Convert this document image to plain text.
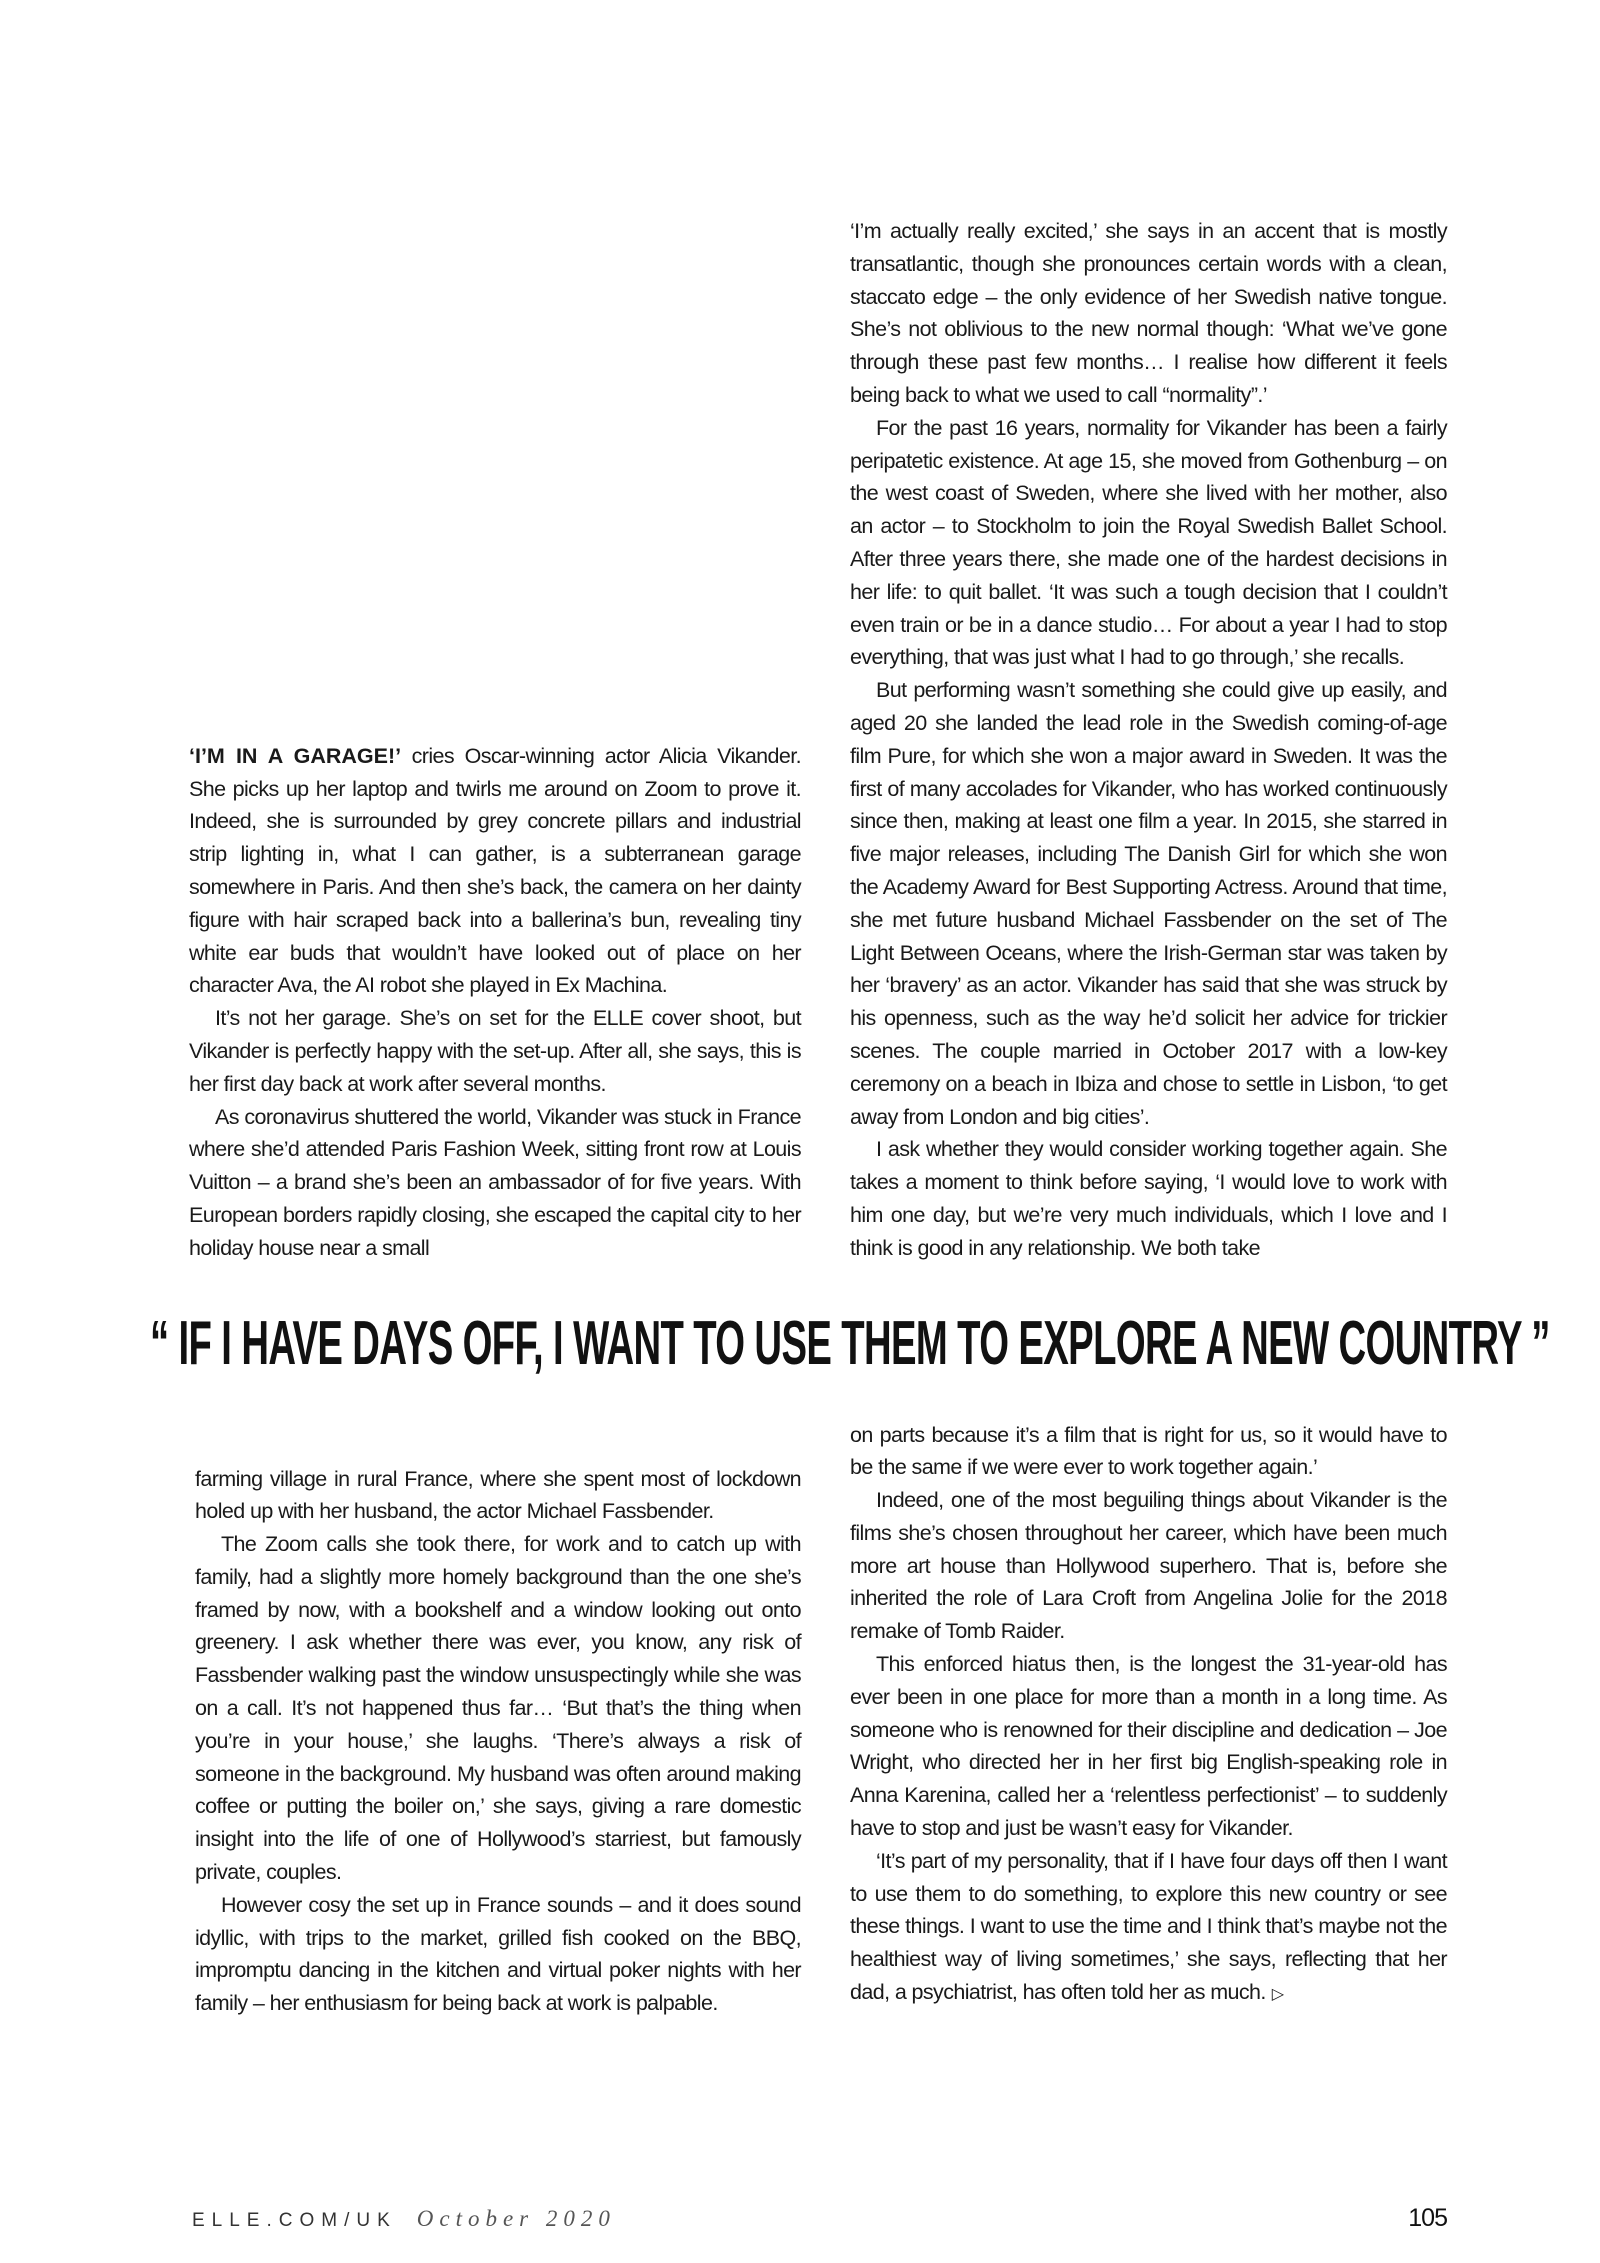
‘I’M IN A GARAGE!’ cries Oscar-winning actor Alicia Vikander. She picks up her laptop and twirls me around on Zoom to prove it. Indeed, she is surrounded by grey concrete pillars and industrial strip lighting in, what I can gather, is a subterranean garage somewhere in Paris. And then she’s back, the camera on her dainty figure with hair scraped back into a ballerina’s bun, revealing tiny white ear buds that wouldn’t have looked out of place on her character Ava, the AI robot she played in Ex Machina.

It’s not her garage. She’s on set for the ELLE cover shoot, but Vikander is perfectly happy with the set-up. After all, she says, this is her first day back at work after several months.

As coronavirus shuttered the world, Vikander was stuck in France where she’d attended Paris Fashion Week, sitting front row at Louis Vuitton – a brand she’s been an ambassador of for five years. With European borders rapidly closing, she escaped the capital city to her holiday house near a small

‘I’m actually really excited,’ she says in an accent that is mostly transatlantic, though she pronounces certain words with a clean, staccato edge – the only evidence of her Swedish native tongue. She’s not oblivious to the new normal though: ‘What we’ve gone through these past few months… I realise how different it feels being back to what we used to call “normality”.’

For the past 16 years, normality for Vikander has been a fairly peripatetic existence. At age 15, she moved from Gothenburg – on the west coast of Sweden, where she lived with her mother, also an actor – to Stockholm to join the Royal Swedish Ballet School. After three years there, she made one of the hardest decisions in her life: to quit ballet. ‘It was such a tough decision that I couldn’t even train or be in a dance studio… For about a year I had to stop everything, that was just what I had to go through,’ she recalls.

But performing wasn’t something she could give up easily, and aged 20 she landed the lead role in the Swedish coming-of-age film Pure, for which she won a major award in Sweden. It was the first of many accolades for Vikander, who has worked continuously since then, making at least one film a year. In 2015, she starred in five major releases, including The Danish Girl for which she won the Academy Award for Best Supporting Actress. Around that time, she met future husband Michael Fassbender on the set of The Light Between Oceans, where the Irish-German star was taken by her ‘bravery’ as an actor. Vikander has said that she was struck by his openness, such as the way he’d solicit her advice for trickier scenes. The couple married in October 2017 with a low-key ceremony on a beach in Ibiza and chose to settle in Lisbon, ‘to get away from London and big cities’.

I ask whether they would consider working together again. She takes a moment to think before saying, ‘I would love to work with him one day, but we’re very much individuals, which I love and I think is good in any relationship. We both take

“ IF I HAVE DAYS OFF, I WANT TO USE THEM TO EXPLORE A NEW COUNTRY ”

farming village in rural France, where she spent most of lockdown holed up with her husband, the actor Michael Fassbender.

The Zoom calls she took there, for work and to catch up with family, had a slightly more homely background than the one she’s framed by now, with a bookshelf and a window looking out onto greenery. I ask whether there was ever, you know, any risk of Fassbender walking past the window unsuspectingly while she was on a call. It’s not happened thus far… ‘But that’s the thing when you’re in your house,’ she laughs. ‘There’s always a risk of someone in the background. My husband was often around making coffee or putting the boiler on,’ she says, giving a rare domestic insight into the life of one of Hollywood’s starriest, but famously private, couples.

However cosy the set up in France sounds – and it does sound idyllic, with trips to the market, grilled fish cooked on the BBQ, impromptu dancing in the kitchen and virtual poker nights with her family – her enthusiasm for being back at work is palpable.

on parts because it’s a film that is right for us, so it would have to be the same if we were ever to work together again.’

Indeed, one of the most beguiling things about Vikander is the films she’s chosen throughout her career, which have been much more art house than Hollywood superhero. That is, before she inherited the role of Lara Croft from Angelina Jolie for the 2018 remake of Tomb Raider.

This enforced hiatus then, is the longest the 31-year-old has ever been in one place for more than a month in a long time. As someone who is renowned for their discipline and dedication – Joe Wright, who directed her in her first big English-speaking role in Anna Karenina, called her a ‘relentless perfectionist’ – to suddenly have to stop and just be wasn’t easy for Vikander.

‘It’s part of my personality, that if I have four days off then I want to use them to do something, to explore this new country or see these things. I want to use the time and I think that’s maybe not the healthiest way of living sometimes,’ she says, reflecting that her dad, a psychiatrist, has often told her as much. ▷

ELLE.COM/UK October 2020	105
